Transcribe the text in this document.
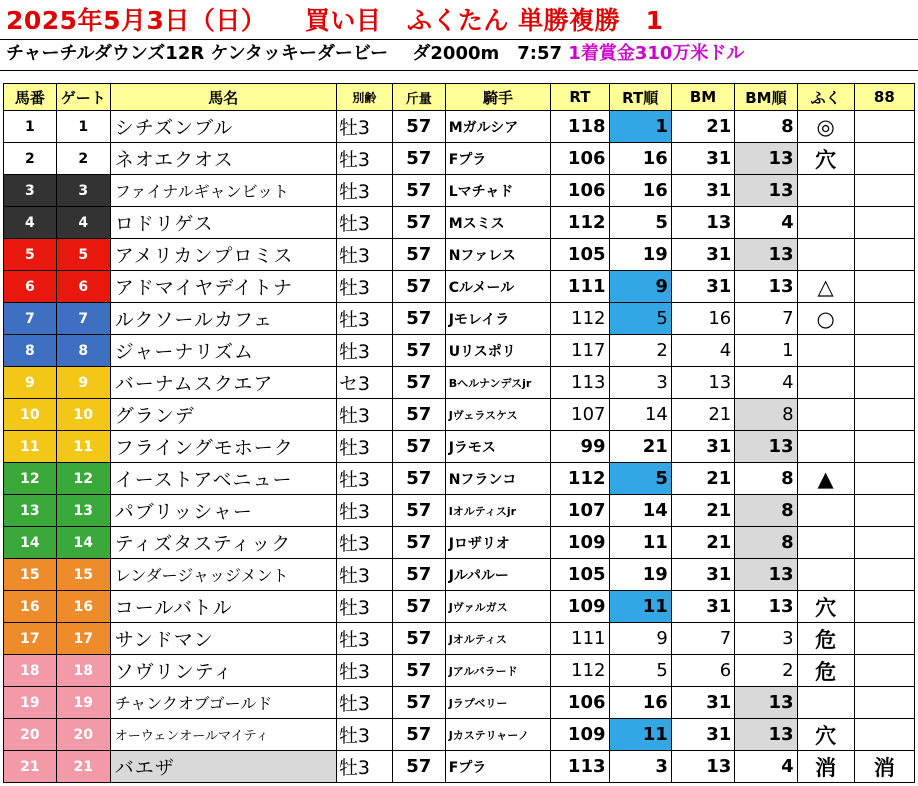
2025年5月3日（日）　　買い目　ふくたん 単勝複勝　1
チャーチルダウンズ12R ケンタッキーダービー　 ダ2000m　7:57 1着賞金310万米ドル
馬番	ゲート	馬名	別齢	斤量	騎手	RT	RT順	BM	BM順	ふく	88
1	1	シチズンブル	牡3	57	Mガルシア	118	1	21	8	◎	
2	2	ネオエクオス	牡3	57	Fプラ	106	16	31	13	穴	
3	3	ファイナルギャンビット	牡3	57	Lマチャド	106	16	31	13		
4	4	ロドリゲス	牡3	57	Mスミス	112	5	13	4		
5	5	アメリカンプロミス	牡3	57	Nファレス	105	19	31	13		
6	6	アドマイヤデイトナ	牡3	57	Cルメール	111	9	31	13	△	
7	7	ルクソールカフェ	牡3	57	Jモレイラ	112	5	16	7	○	
8	8	ジャーナリズム	牡3	57	Uリスポリ	117	2	4	1		
9	9	バーナムスクエア	セ3	57	Bヘルナンデスjr	113	3	13	4		
10	10	グランデ	牡3	57	Jヴェラスケス	107	14	21	8		
11	11	フライングモホーク	牡3	57	Jラモス	99	21	31	13		
12	12	イーストアベニュー	牡3	57	Nフランコ	112	5	21	8	▲	
13	13	パブリッシャー	牡3	57	Iオルティスjr	107	14	21	8		
14	14	ティズタスティック	牡3	57	Jロザリオ	109	11	21	8		
15	15	レンダージャッジメント	牡3	57	Jルパルー	105	19	31	13		
16	16	コールバトル	牡3	57	Jヴァルガス	109	11	31	13	穴	
17	17	サンドマン	牡3	57	Jオルティス	111	9	7	3	危	
18	18	ソヴリンティ	牡3	57	Jアルバラード	112	5	6	2	危	
19	19	チャンクオブゴールド	牡3	57	Jラプベリー	106	16	31	13		
20	20	オーウェンオールマイティ	牡3	57	Jカステリャーノ	109	11	31	13	穴	
21	21	バエザ	牡3	57	Fプラ	113	3	13	4	消	消
